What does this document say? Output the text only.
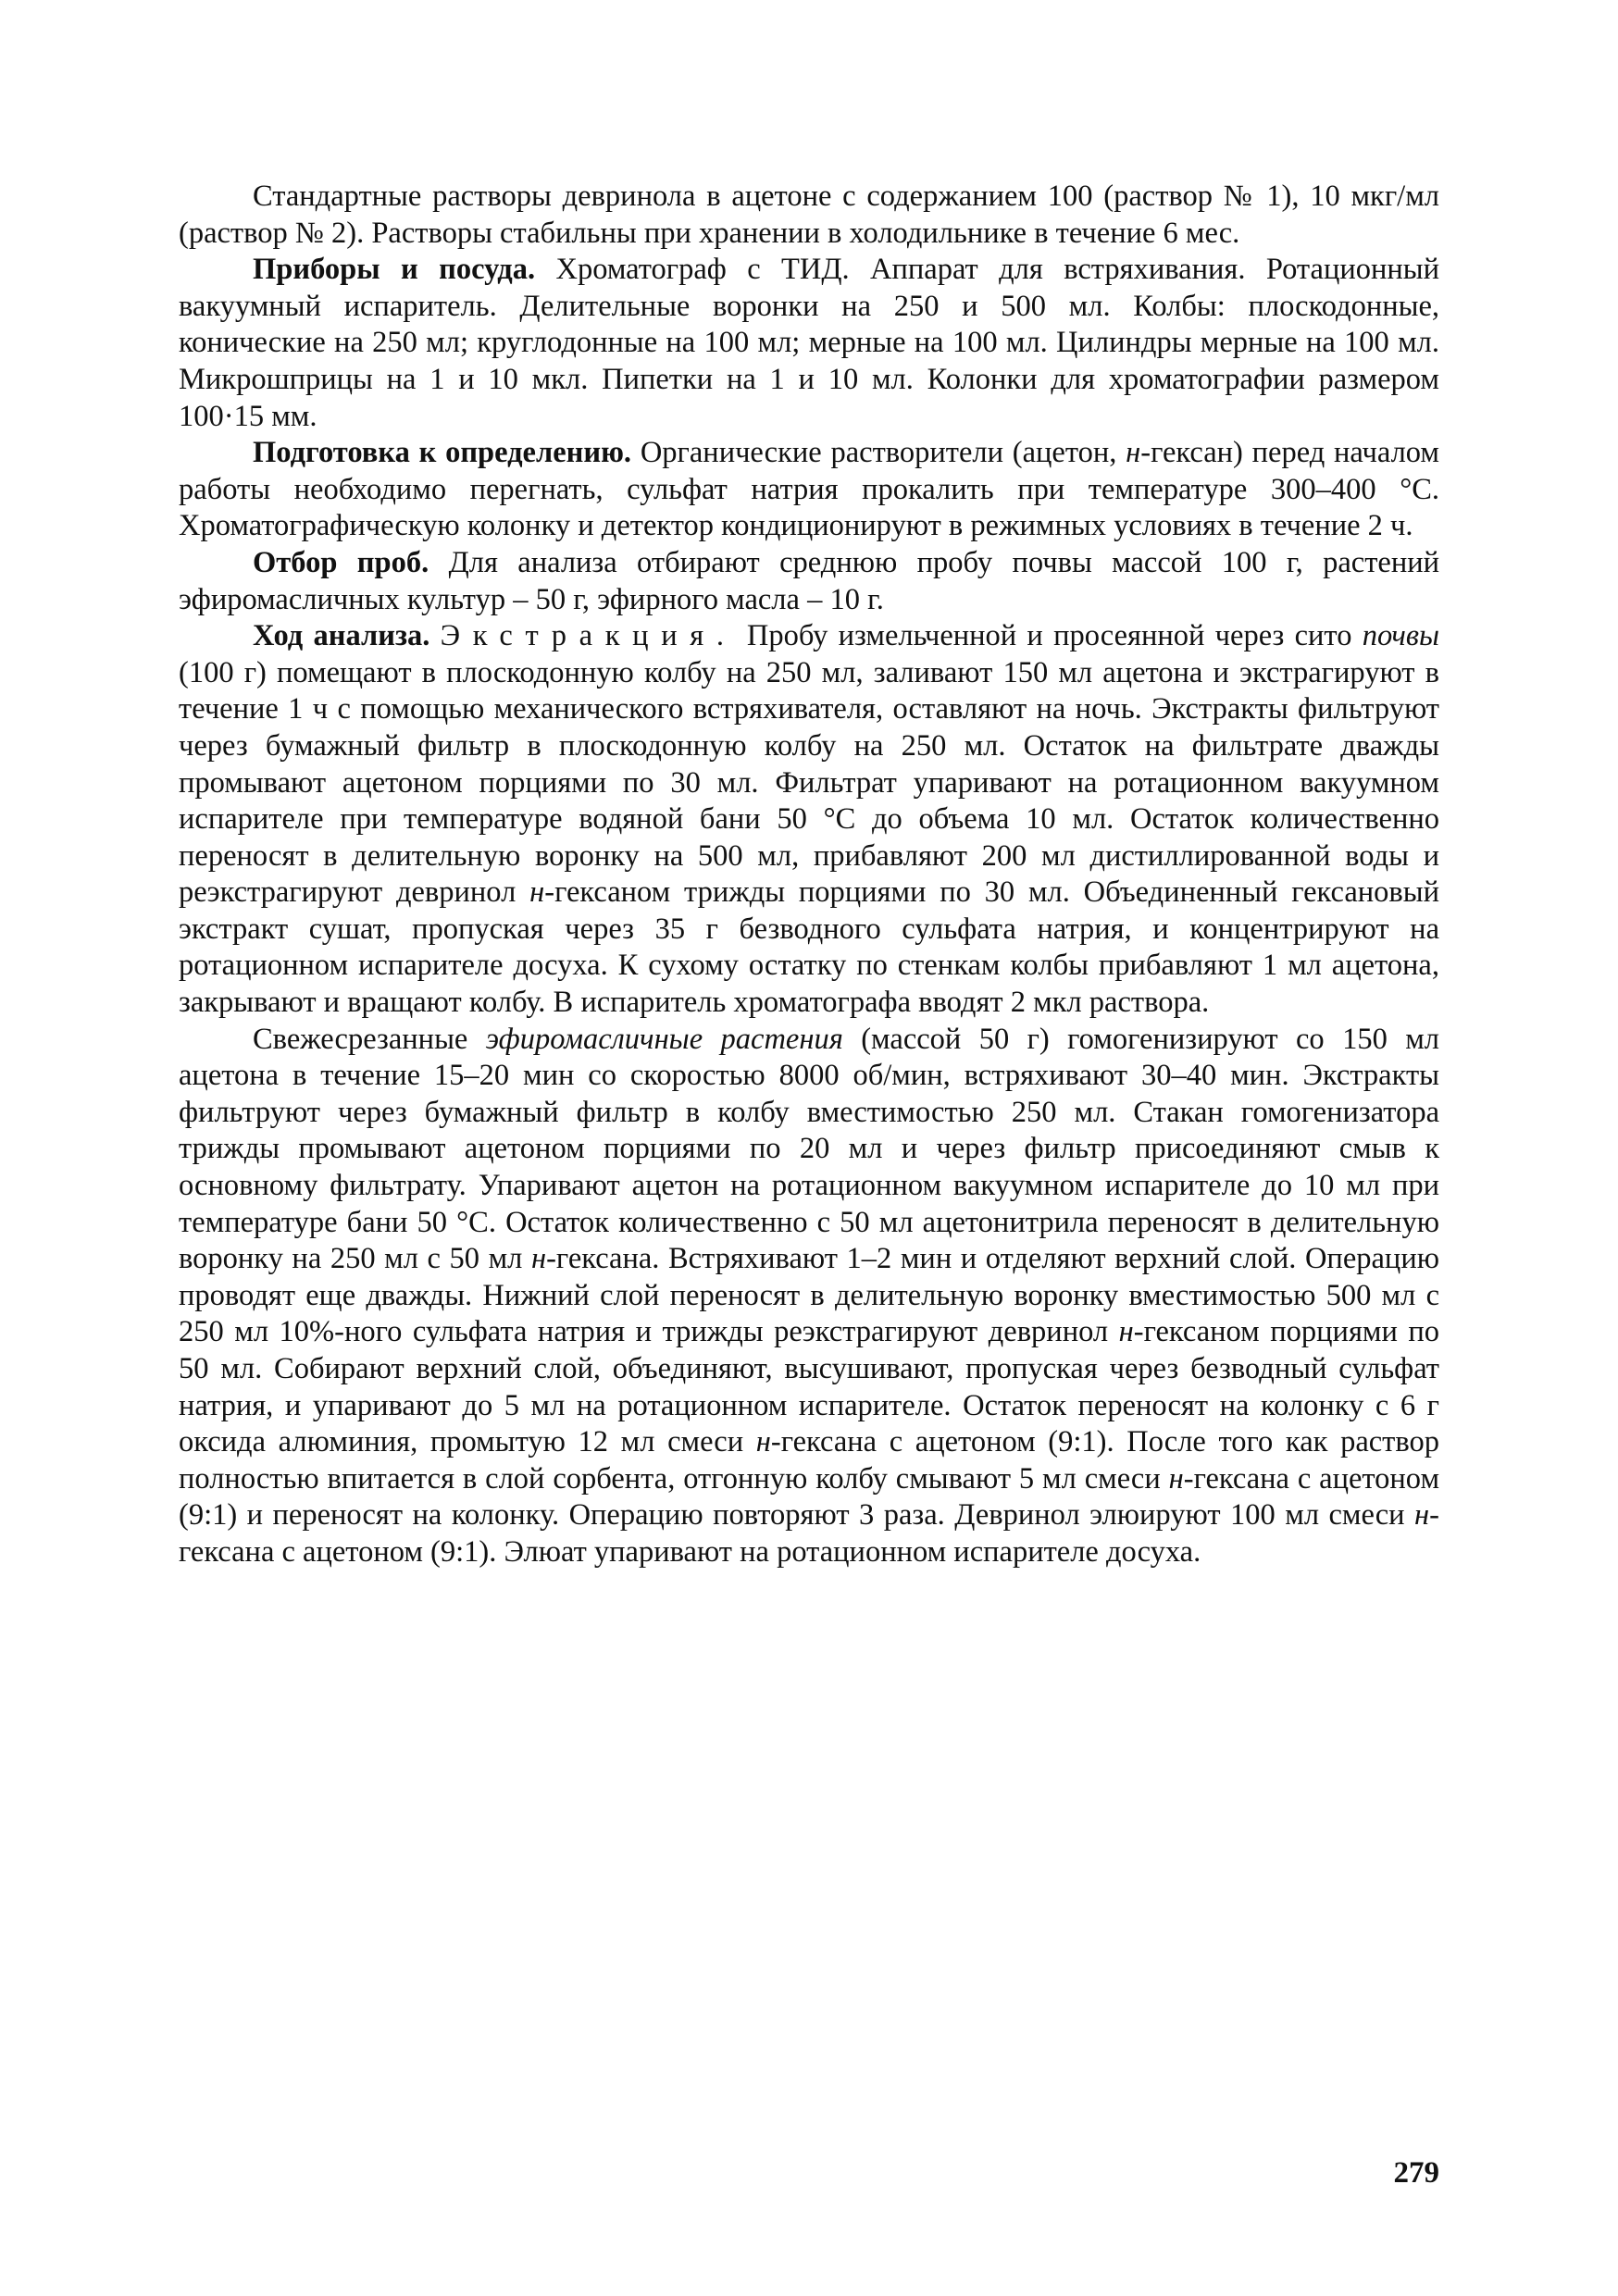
Стандартные растворы девринола в ацетоне с содержанием 100 (раствор № 1), 10 мкг/мл (раствор № 2). Растворы стабильны при хранении в холодильнике в течение 6 мес.

Приборы и посуда. Хроматограф с ТИД. Аппарат для встряхивания. Ротационный вакуумный испаритель. Делительные воронки на 250 и 500 мл. Колбы: плоскодонные, конические на 250 мл; круглодонные на 100 мл; мерные на 100 мл. Цилиндры мерные на 100 мл. Микрошприцы на 1 и 10 мкл. Пипетки на 1 и 10 мл. Колонки для хроматографии размером 100·15 мм.

Подготовка к определению. Органические растворители (ацетон, н-гексан) перед началом работы необходимо перегнать, сульфат натрия прокалить при температуре 300–400 °С. Хроматографическую колонку и детектор кондиционируют в режимных условиях в течение 2 ч.

Отбор проб. Для анализа отбирают среднюю пробу почвы массой 100 г, растений эфиромасличных культур – 50 г, эфирного масла – 10 г.

Ход анализа. Экстракция. Пробу измельченной и просеянной через сито почвы (100 г) помещают в плоскодонную колбу на 250 мл, заливают 150 мл ацетона и экстрагируют в течение 1 ч с помощью механического встряхивателя, оставляют на ночь. Экстракты фильтруют через бумажный фильтр в плоскодонную колбу на 250 мл. Остаток на фильтрате дважды промывают ацетоном порциями по 30 мл. Фильтрат упаривают на ротационном вакуумном испарителе при температуре водяной бани 50 °С до объема 10 мл. Остаток количественно переносят в делительную воронку на 500 мл, прибавляют 200 мл дистиллированной воды и реэкстрагируют девринол н-гексаном трижды порциями по 30 мл. Объединенный гексановый экстракт сушат, пропуская через 35 г безводного сульфата натрия, и концентрируют на ротационном испарителе досуха. К сухому остатку по стенкам колбы прибавляют 1 мл ацетона, закрывают и вращают колбу. В испаритель хроматографа вводят 2 мкл раствора.

Свежесрезанные эфиромасличные растения (массой 50 г) гомогенизируют со 150 мл ацетона в течение 15–20 мин со скоростью 8000 об/мин, встряхивают 30–40 мин. Экстракты фильтруют через бумажный фильтр в колбу вместимостью 250 мл. Стакан гомогенизатора трижды промывают ацетоном порциями по 20 мл и через фильтр присоединяют смыв к основному фильтрату. Упаривают ацетон на ротационном вакуумном испарителе до 10 мл при температуре бани 50 °С. Остаток количественно с 50 мл ацетонитрила переносят в делительную воронку на 250 мл с 50 мл н-гексана. Встряхивают 1–2 мин и отделяют верхний слой. Операцию проводят еще дважды. Нижний слой переносят в делительную воронку вместимостью 500 мл с 250 мл 10%-ного сульфата натрия и трижды реэкстрагируют девринол н-гексаном порциями по 50 мл. Собирают верхний слой, объединяют, высушивают, пропуская через безводный сульфат натрия, и упаривают до 5 мл на ротационном испарителе. Остаток переносят на колонку с 6 г оксида алюминия, промытую 12 мл смеси н-гексана с ацетоном (9:1). После того как раствор полностью впитается в слой сорбента, отгонную колбу смывают 5 мл смеси н-гексана с ацетоном (9:1) и переносят на колонку. Операцию повторяют 3 раза. Девринол элюируют 100 мл смеси н-гексана с ацетоном (9:1). Элюат упаривают на ротационном испарителе досуха.

279
